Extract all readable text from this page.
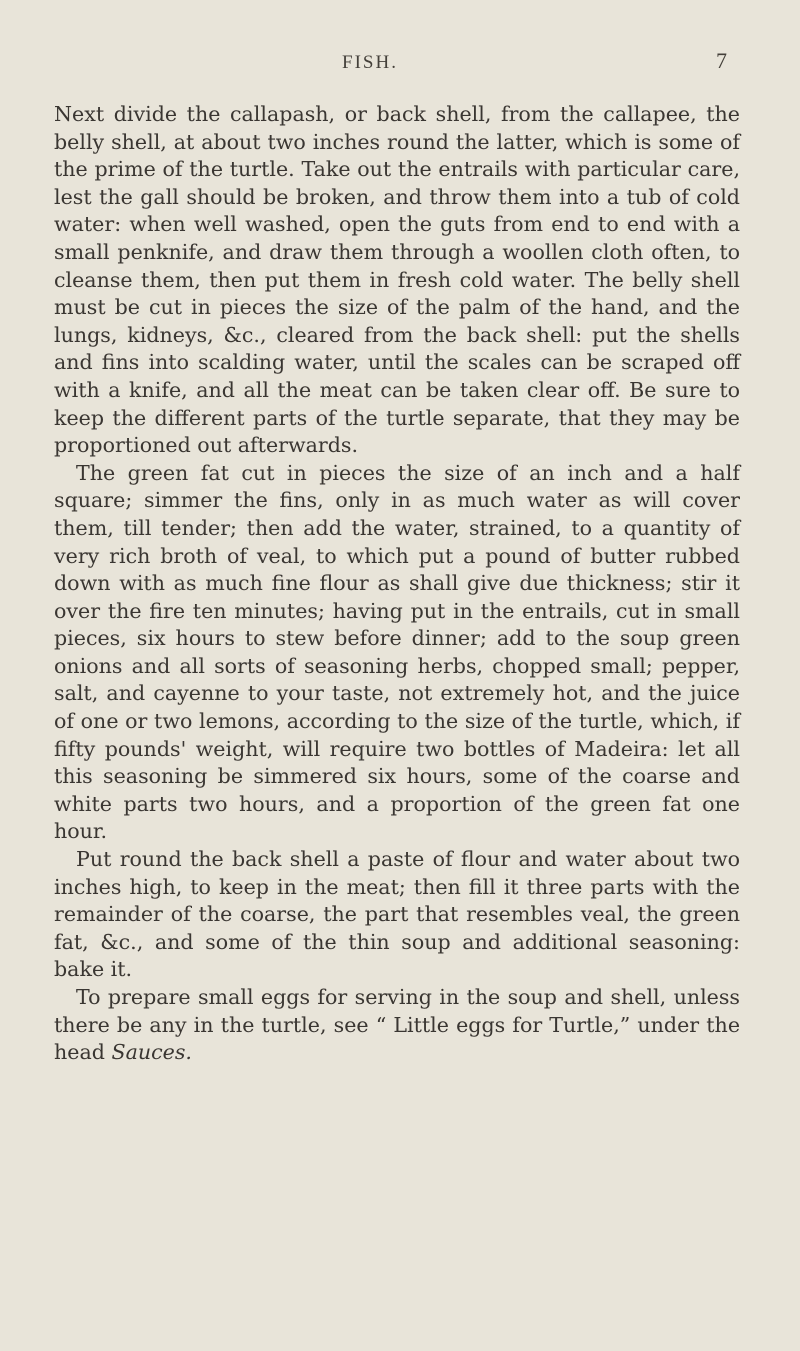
FISH.	7

Next divide the callapash, or back shell, from the callapee, the belly shell, at about two inches round the latter, which is some of the prime of the turtle. Take out the entrails with particular care, lest the gall should be broken, and throw them into a tub of cold water: when well washed, open the guts from end to end with a small penknife, and draw them through a woollen cloth often, to cleanse them, then put them in fresh cold water. The belly shell must be cut in pieces the size of the palm of the hand, and the lungs, kidneys, &c., cleared from the back shell: put the shells and fins into scalding water, until the scales can be scraped off with a knife, and all the meat can be taken clear off. Be sure to keep the different parts of the turtle separate, that they may be proportioned out afterwards.

The green fat cut in pieces the size of an inch and a half square; simmer the fins, only in as much water as will cover them, till tender; then add the water, strained, to a quantity of very rich broth of veal, to which put a pound of butter rubbed down with as much fine flour as shall give due thickness; stir it over the fire ten minutes; having put in the entrails, cut in small pieces, six hours to stew before dinner; add to the soup green onions and all sorts of seasoning herbs, chopped small; pepper, salt, and cayenne to your taste, not extremely hot, and the juice of one or two lemons, according to the size of the turtle, which, if fifty pounds' weight, will require two bottles of Madeira: let all this seasoning be simmered six hours, some of the coarse and white parts two hours, and a proportion of the green fat one hour.

Put round the back shell a paste of flour and water about two inches high, to keep in the meat; then fill it three parts with the remainder of the coarse, the part that resembles veal, the green fat, &c., and some of the thin soup and additional seasoning: bake it.

To prepare small eggs for serving in the soup and shell, unless there be any in the turtle, see “ Little eggs for Turtle,” under the head Sauces.
